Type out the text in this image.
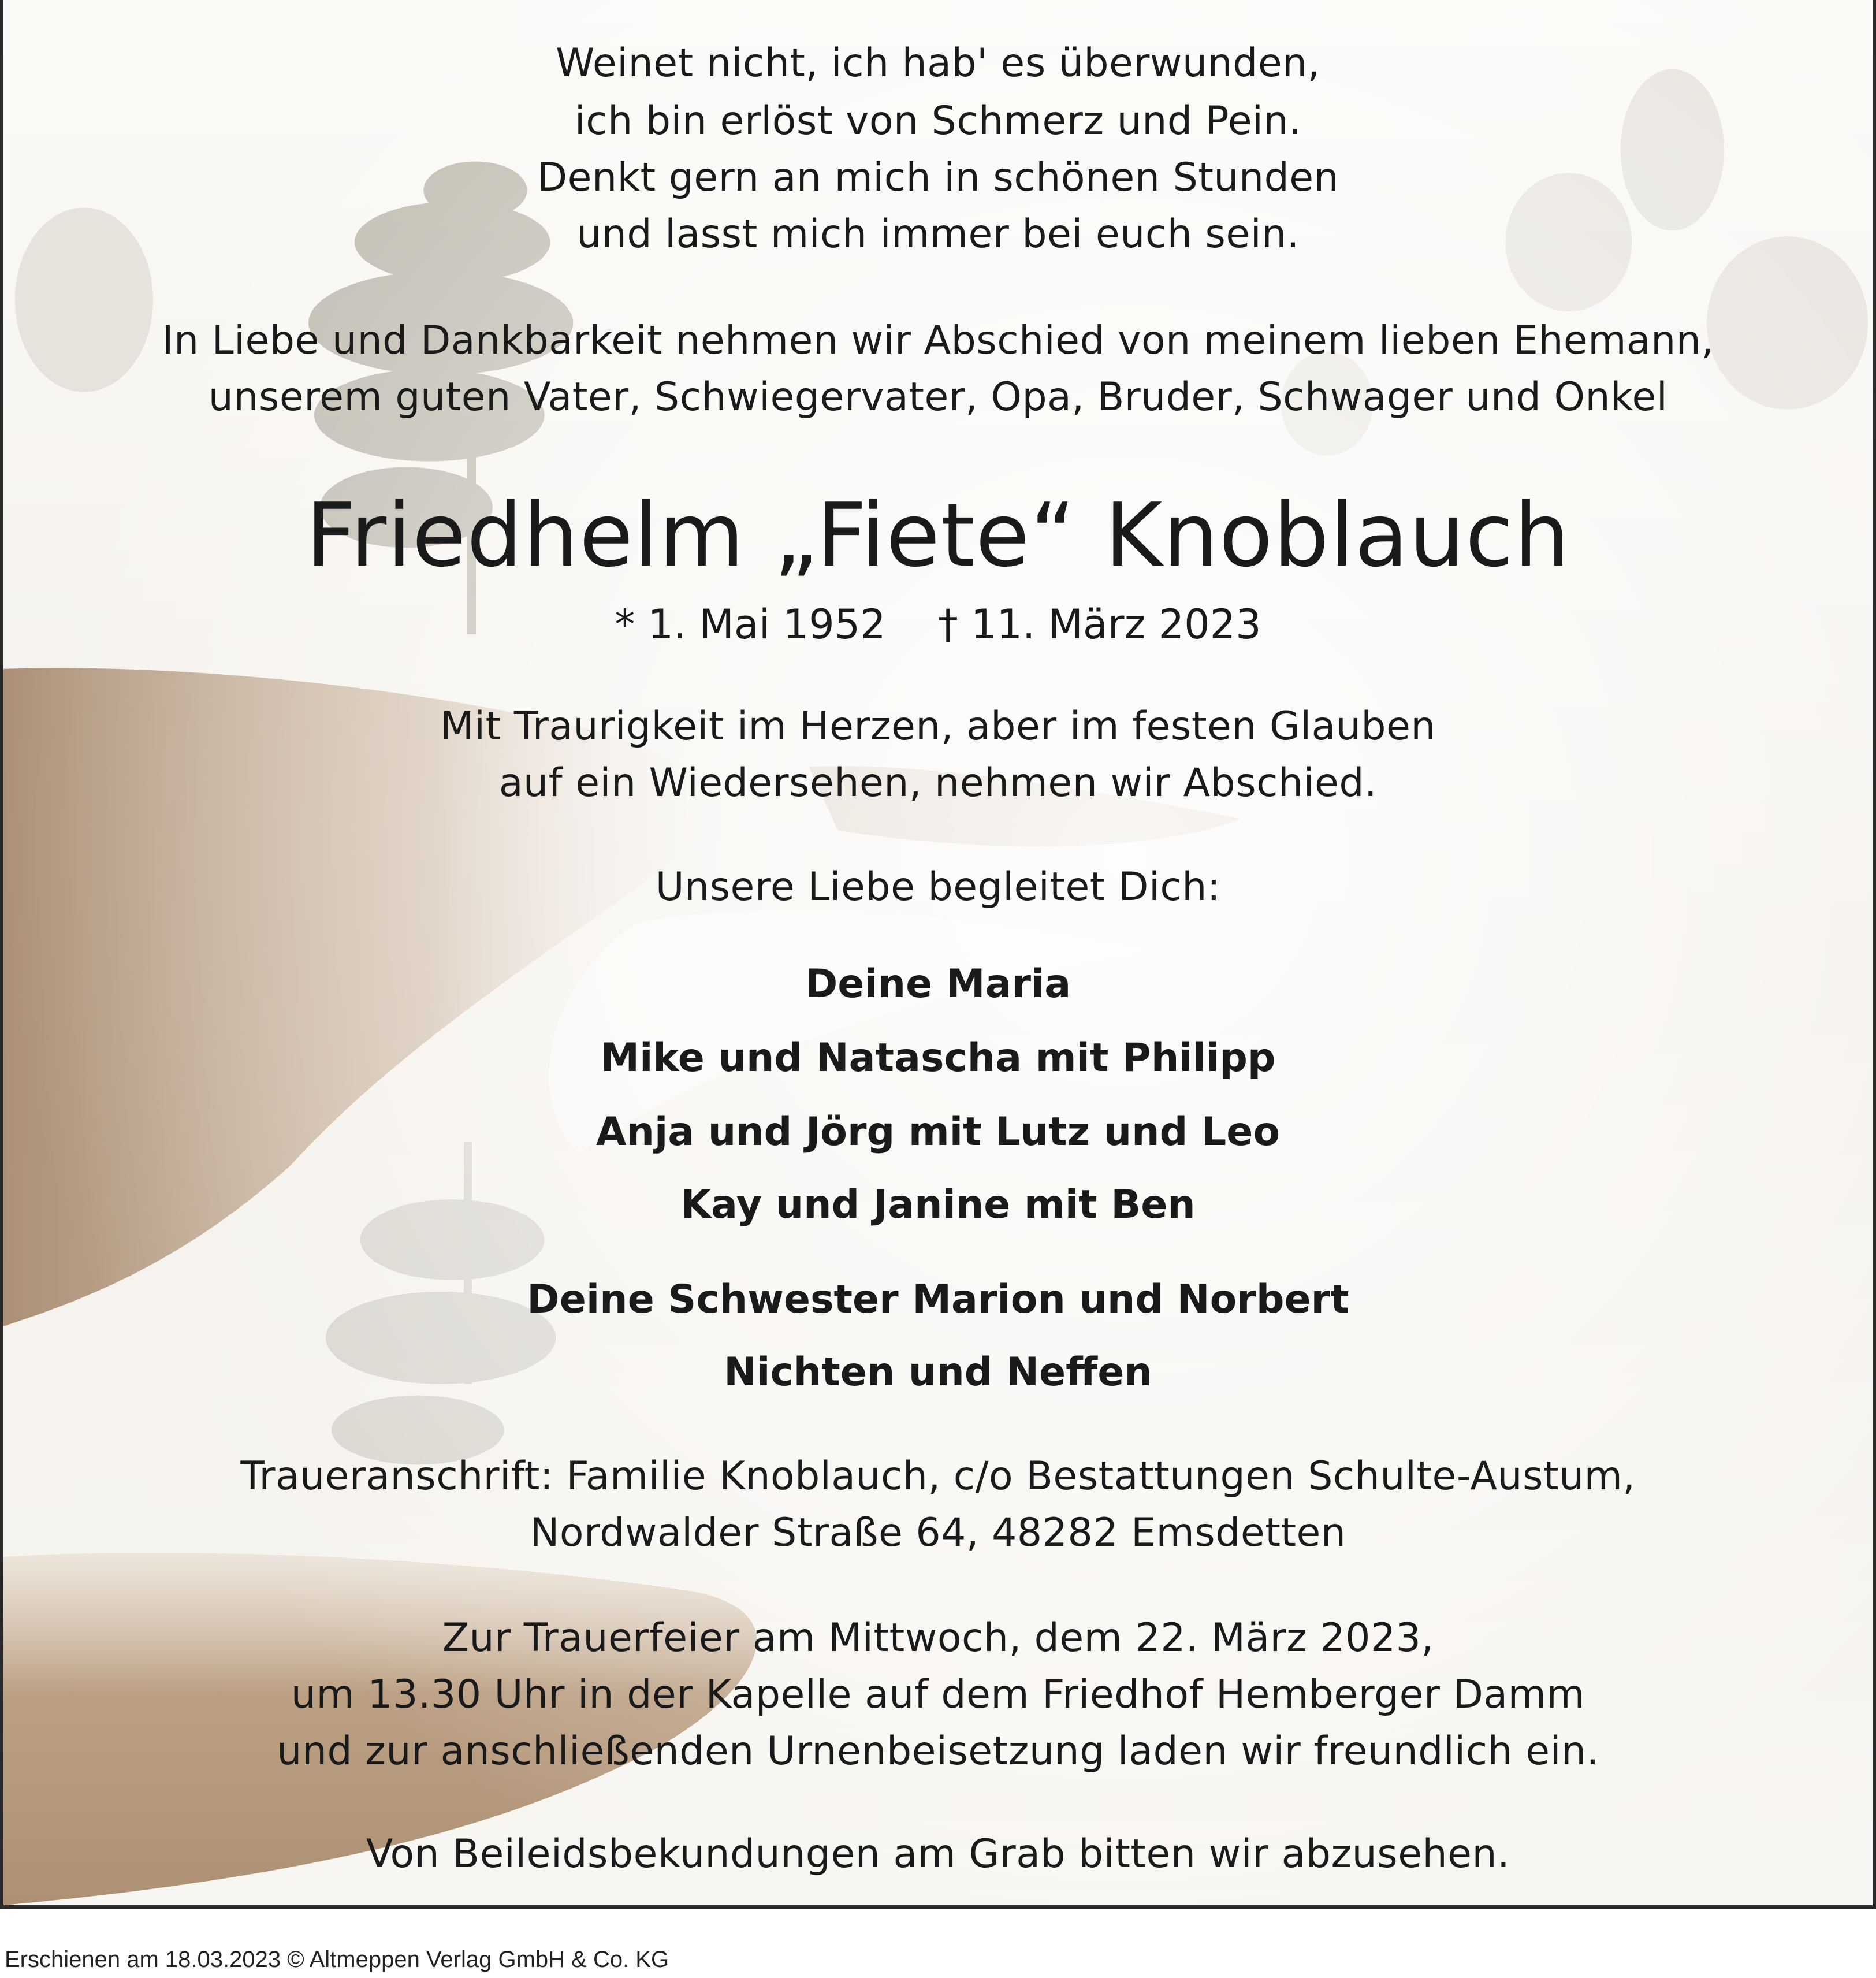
Weinet nicht, ich hab' es überwunden,

ich bin erlöst von Schmerz und Pein.

Denkt gern an mich in schönen Stunden

und lasst mich immer bei euch sein.

In Liebe und Dankbarkeit nehmen wir Abschied von meinem lieben Ehemann,

unserem guten Vater, Schwiegervater, Opa, Bruder, Schwager und Onkel

Friedhelm „Fiete“ Knoblauch

* 1. Mai 1952 † 11. März 2023

Mit Traurigkeit im Herzen, aber im festen Glauben

auf ein Wiedersehen, nehmen wir Abschied.

Unsere Liebe begleitet Dich:

Deine Maria

Mike und Natascha mit Philipp

Anja und Jörg mit Lutz und Leo

Kay und Janine mit Ben

Deine Schwester Marion und Norbert

Nichten und Neffen

Traueranschrift: Familie Knoblauch, c/o Bestattungen Schulte-Austum,

Nordwalder Straße 64, 48282 Emsdetten

Zur Trauerfeier am Mittwoch, dem 22. März 2023,

um 13.30 Uhr in der Kapelle auf dem Friedhof Hemberger Damm

und zur anschließenden Urnenbeisetzung laden wir freundlich ein.

Von Beileidsbekundungen am Grab bitten wir abzusehen.

Erschienen am 18.03.2023 © Altmeppen Verlag GmbH & Co. KG
